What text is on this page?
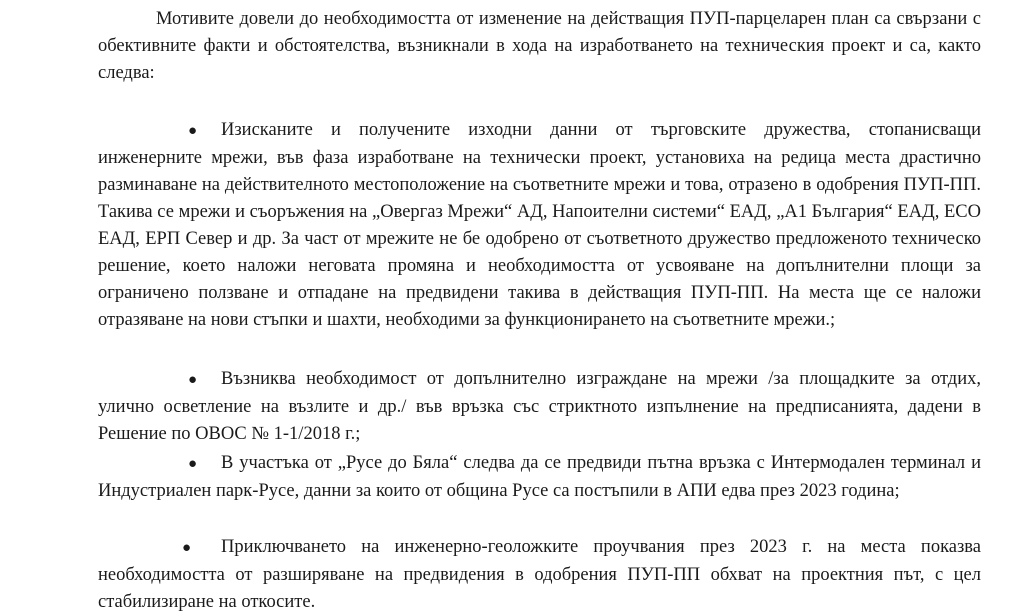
Мотивите довели до необходимостта от изменение на действащия ПУП-парцеларен план са свързани с обективните факти и обстоятелства, възникнали в хода на изработването на техническия проект и са, както следва:

● Изисканите и получените изходни данни от търговските дружества, стопанисващи инженерните мрежи, във фаза изработване на технически проект, установиха на редица места драстично разминаване на действителното местоположение на съответните мрежи и това, отразено в одобрения ПУП-ПП. Такива се мрежи и съоръжения на „Овергаз Мрежи“ АД, Напоителни системи“ ЕАД, „А1 България“ ЕАД, ЕСО ЕАД, ЕРП Север и др. За част от мрежите не бе одобрено от съответното дружество предложеното техническо решение, което наложи неговата промяна и необходимостта от усвояване на допълнителни площи за ограничено ползване и отпадане на предвидени такива в действащия ПУП-ПП. На места ще се наложи отразяване на нови стъпки и шахти, необходими за функционирането на съответните мрежи.;

● Възниква необходимост от допълнително изграждане на мрежи /за площадките за отдих, улично осветление на възлите и др./ във връзка със стриктното изпълнение на предписанията, дадени в Решение по ОВОС № 1-1/2018 г.;

● В участъка от „Русе до Бяла“ следва да се предвиди пътна връзка с Интермодален терминал и Индустриален парк-Русе, данни за които от община Русе са постъпили в АПИ едва през 2023 година;

● Приключването на инженерно-геоложките проучвания през 2023 г. на места показва необходимостта от разширяване на предвидения в одобрения ПУП-ПП обхват на проектния път, с цел стабилизиране на откосите.
